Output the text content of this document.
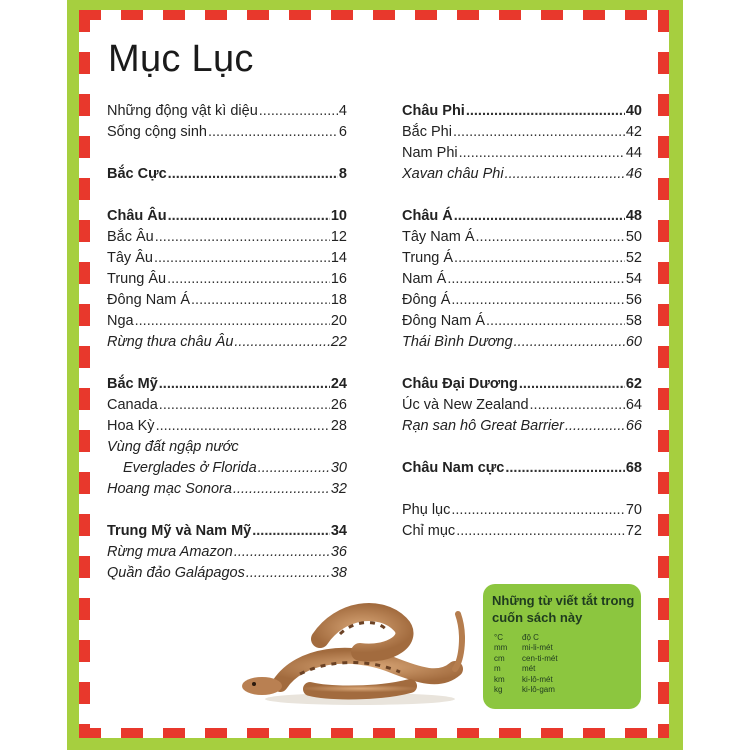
Mục Lục
Những động vật kì diệu .....	4
Sống cộng sinh .....	6
Bắc Cực .....	8
Châu Âu .....	10
Bắc Âu .....	12
Tây Âu .....	14
Trung Âu .....	16
Đông Nam Á .....	18
Nga .....	20
Rừng thưa châu Âu .....	22
Bắc Mỹ .....	24
Canada .....	26
Hoa Kỳ .....	28
Vùng đất ngập nước
Everglades ở Florida .....	30
Hoang mạc Sonora .....	32
Trung Mỹ và Nam Mỹ .....	34
Rừng mưa Amazon .....	36
Quần đảo Galápagos .....	38
Châu Phi .....	40
Bắc Phi .....	42
Nam Phi .....	44
Xavan châu Phi .....	46
Châu Á .....	48
Tây Nam Á .....	50
Trung Á .....	52
Nam Á .....	54
Đông Á .....	56
Đông Nam Á .....	58
Thái Bình Dương .....	60
Châu Đại Dương .....	62
Úc và New Zealand .....	64
Rạn san hô Great Barrier .....	66
Châu Nam cực .....	68
Phụ lục .....	70
Chỉ mục .....	72
Những từ viết tắt trong cuốn sách này
°C	độ C
mm	mi-li-mét
cm	cen-ti-mét
m	mét
km	ki-lô-mét
kg	ki-lô-gam
